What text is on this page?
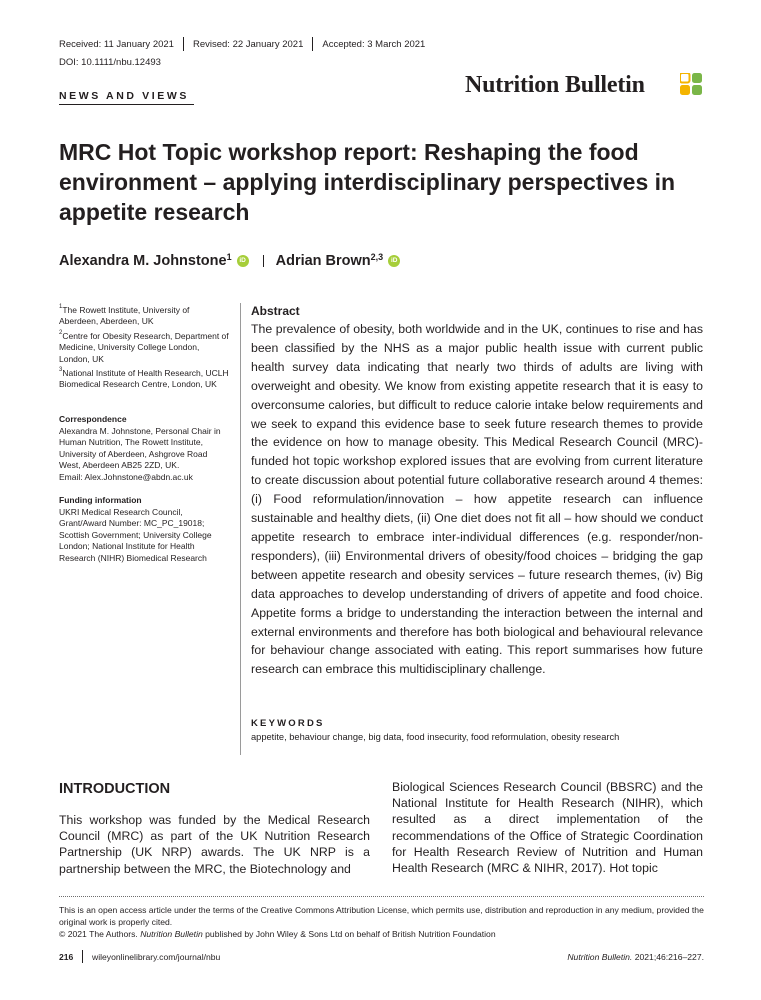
Received: 11 January 2021 Revised: 22 January 2021 Accepted: 3 March 2021
DOI: 10.1111/nbu.12493
Nutrition Bulletin
NEWS AND VIEWS
MRC Hot Topic workshop report: Reshaping the food environment – applying interdisciplinary perspectives in appetite research
Alexandra M. Johnstone$^1$	iD Adrian Brown$^{2,3}$	iD
$^1$The Rowett Institute, University of Aberdeen, Aberdeen, UK
$^2$Centre for Obesity Research, Department of Medicine, University College London, London, UK
$^3$National Institute of Health Research, UCLH Biomedical Research Centre, London, UK
Correspondence
Alexandra M. Johnstone, Personal Chair in Human Nutrition, The Rowett Institute, University of Aberdeen, Ashgrove Road West, Aberdeen AB25 2ZD, UK.
Email: Alex.Johnstone@abdn.ac.uk
Funding information
UKRI Medical Research Council, Grant/Award Number: MC_PC_19018; Scottish Government; University College London; National Institute for Health Research (NIHR) Biomedical Research
Abstract
The prevalence of obesity, both worldwide and in the UK, continues to rise and has been classified by the NHS as a major public health issue with current public health survey data indicating that nearly two thirds of adults are living with overweight and obesity. We know from existing appetite research that it is easy to overconsume calories, but difficult to reduce calorie intake below requirements and we seek to expand this evidence base to seek future research themes to provide the evidence on how to manage obesity. This Medical Research Council (MRC)-funded hot topic workshop explored issues that are evolving from current literature to create discussion about potential future collaborative research around 4 themes: (i) Food reformulation/innovation – how appetite research can influence sustainable and healthy diets, (ii) One diet does not fit all – how should we conduct appetite research to embrace inter-individual differences (e.g. responder/non-responders), (iii) Environmental drivers of obesity/food choices – bridging the gap between appetite research and obesity services – future research themes, (iv) Big data approaches to develop understanding of drivers of appetite and food choice. Appetite forms a bridge to understanding the interaction between the internal and external environments and therefore has both biological and behavioural relevance for behaviour change associated with eating. This report summarises how future research can embrace this multidisciplinary challenge.
KEYWORDS
appetite, behaviour change, big data, food insecurity, food reformulation, obesity research
INTRODUCTION
This workshop was funded by the Medical Research Council (MRC) as part of the UK Nutrition Research Partnership (UK NRP) awards. The UK NRP is a partnership between the MRC, the Biotechnology and
Biological Sciences Research Council (BBSRC) and the National Institute for Health Research (NIHR), which resulted as a direct implementation of the recommendations of the Office of Strategic Coordination for Health Research Review of Nutrition and Human Health Research (MRC & NIHR, 2017). Hot topic
This is an open access article under the terms of the Creative Commons Attribution License, which permits use, distribution and reproduction in any medium, provided the original work is properly cited.
© 2021 The Authors. Nutrition Bulletin published by John Wiley & Sons Ltd on behalf of British Nutrition Foundation
216 wileyonlinelibrary.com/journal/nbu	Nutrition Bulletin. 2021;46:216–227.
